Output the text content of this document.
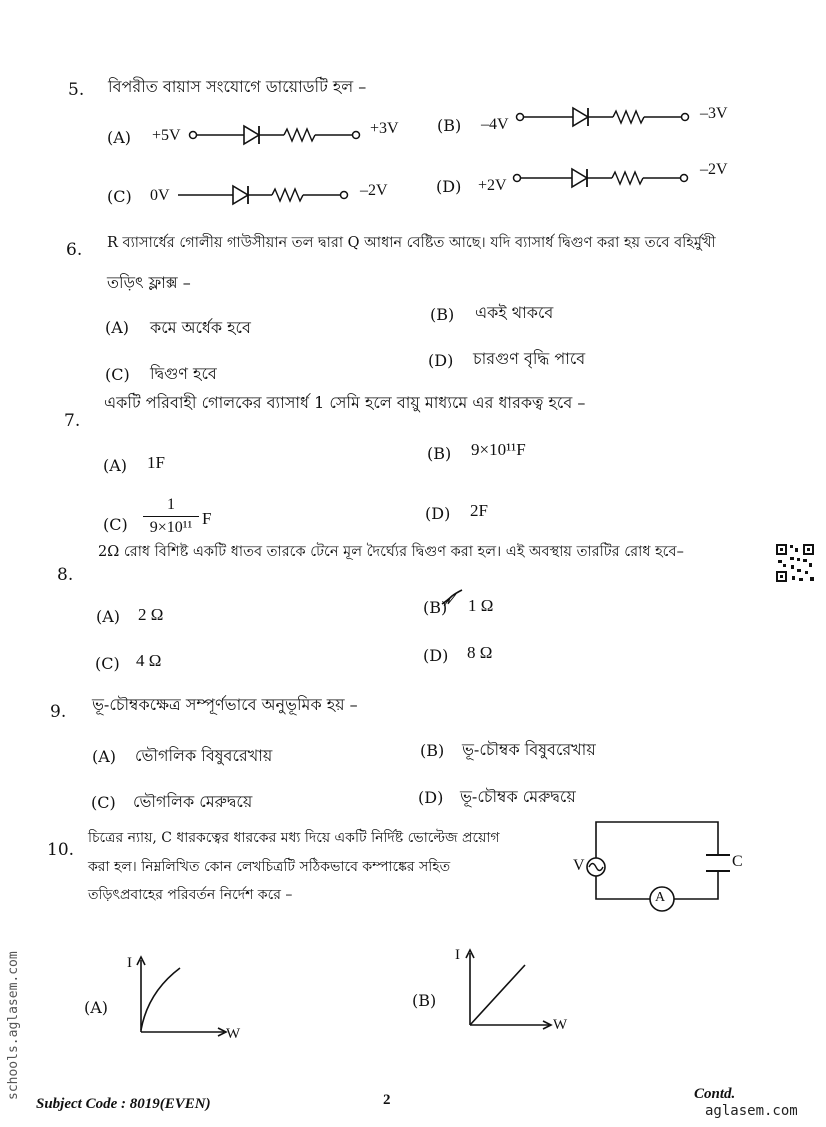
5. বিপরীত বায়াস সংযোগে ডায়োডটি হল –
(A) +5V	+3V (B) –4V
–3V
(C) 0V	–2V	(D) +2V
–2V
6. R ব্যাসার্ধের গোলীয় গাউসীয়ান তল দ্বারা Q আধান বেষ্টিত আছে। যদি ব্যাসার্ধ দ্বিগুণ করা হয় তবে বহির্মুখী
তড়িৎ ফ্লাক্স –
(A) কমে অর্ধেক হবে
(B) একই থাকবে
(C) দ্বিগুণ হবে
(D) চারগুণ বৃদ্ধি পাবে
7.
একটি পরিবাহী গোলকের ব্যাসার্ধ 1 সেমি হলে বায়ু মাধ্যমে এর ধারকত্ব হবে –
(A) 1F	(B) 9×10¹¹F
(C)
1
9×10¹¹ F	(D) 2F
8.
2Ω রোধ বিশিষ্ট একটি ধাতব তারকে টেনে মূল দৈর্ঘ্যের দ্বিগুণ করা হল। এই অবস্থায় তারটির রোধ হবে–
(A) 2 Ω	(B) 1 Ω
(C) 4 Ω	(D) 8 Ω
9. ভূ-চৌম্বকক্ষেত্র সম্পূর্ণভাবে অনুভূমিক হয় –
(A) ভৌগলিক বিষুবরেখায়	(B) ভূ-চৌম্বক বিষুবরেখায়
(C) ভৌগলিক মেরুদ্বয়ে	(D) ভূ-চৌম্বক মেরুদ্বয়ে
10.
চিত্রের ন্যায়, C ধারকত্বের ধারকের মধ্য দিয়ে একটি নির্দিষ্ট ভোল্টেজ প্রয়োগ
করা হল। নিম্নলিখিত কোন লেখচিত্রটি সঠিকভাবে কম্পাঙ্কের সহিত
তড়িৎপ্রবাহের পরিবর্তন নির্দেশ করে –
V	C
A
(A)
I
W
(B)
I
W
Subject Code : 8019(EVEN)	2	Contd.
aglasem.com
schools.aglasem.com
